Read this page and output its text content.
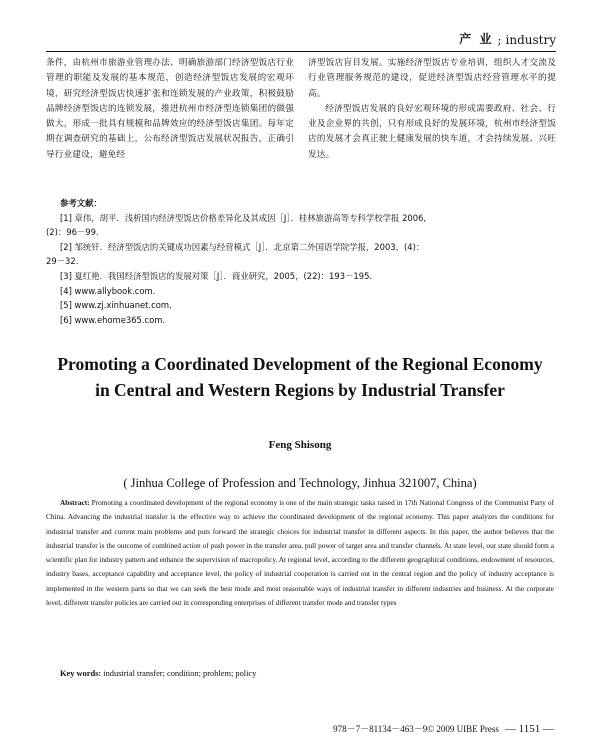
产 业 ; industry

条件，由杭州市旅游业管理办法、明确旅游部门经济型饭店行业管理的职能及发展的基本规范，创造经济型饭店发展的宏观环境，研究经济型饭店快速扩张和连锁发展的产业政策，积极鼓励品牌经济型饭店的连锁发展，推进杭州市经济型连锁集团的做强做大，形成一批具有规模和品牌效应的经济型饭店集团。每年定期在调查研究的基础上，公布经济型饭店发展状况报告，正确引导行业建设，避免经

济型饭店盲目发展。实施经济型饭店专业培训，组织人才交流及行业管理服务规范的建设，促进经济型饭店经营管理水平的提高。

经济型饭店发展的良好宏观环境的形成需要政府、社会、行业及企业界的共创，只有形成良好的发展环境，杭州市经济型饭店的发展才会真正驶上健康发展的快车道，才会持续发展、兴旺发达。

参考文献：
[1] 章伟，胡平．浅析国内经济型饭店价格差异化及其成因［J］．桂林旅游高等专科学校学报 2006,
(2)：96－99.
[2] 邹统钎．经济型饭店的关键成功因素与经营模式［J］．北京第二外国语学院学报，2003，(4)：
29－32.
[3] 夏红艳．我国经济型饭店的发展对策［J］．商业研究，2005，(22)：193－195.
[4] www.allybook.com.
[5] www.zj.xinhuanet.com.
[6] www.ehome365.com.
Promoting a Coordinated Development of the Regional Economy
in Central and Western Regions by Industrial Transfer
Feng Shisong
( Jinhua College of Profession and Technology, Jinhua 321007, China)
Abstract: Promoting a coordinated development of the regional economy is one of the main strategic tasks raised in 17th National Congress of the Communist Party of China. Advancing the industrial transfer is the effective way to achieve the coordinated development of the regional economy. This paper analyzes the conditions for industrial transfer and current main problems and puts forward the strategic choices for industrial transfer in different aspects. In this paper, the author believes that the industrial transfer is the outcome of combined action of push power in the transfer area, pull power of target area and transfer channels. At state level, our state should form a scientific plan for industry pattern and enhance the supervision of macropolicy. At regional level, according to the different geographical conditions, endowment of resources, industry bases, acceptance capability and acceptance level, the policy of industrial cooperation is carried out in the central region and the policy of industry acceptance is implemented in the western parts so that we can seek the best mode and most reasonable ways of industrial transfer in different industries and business. At the corporate level, different transfer policies are carried out in corresponding enterprises of different transfer mode and transfer types
Key words: industrial transfer; condition; problem; policy
978－7－81134－463－9© 2009 UIBE Press — 1151 —
